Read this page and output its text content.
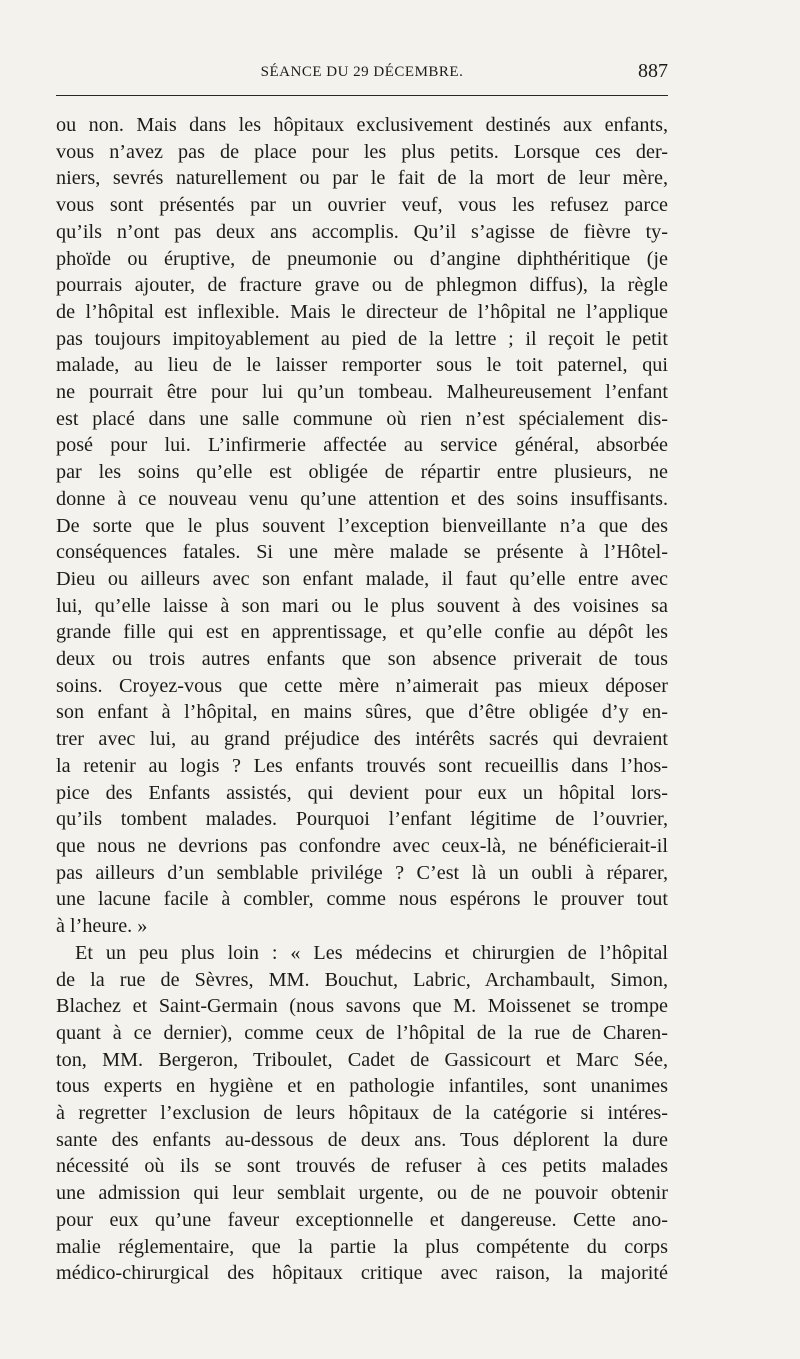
SÉANCE DU 29 DÉCEMBRE.	887
ou non. Mais dans les hôpitaux exclusivement destinés aux enfants,
vous n’avez pas de place pour les plus petits. Lorsque ces der-
niers, sevrés naturellement ou par le fait de la mort de leur mère,
vous sont présentés par un ouvrier veuf, vous les refusez parce
qu’ils n’ont pas deux ans accomplis. Qu’il s’agisse de fièvre ty-
phoïde ou éruptive, de pneumonie ou d’angine diphthéritique (je
pourrais ajouter, de fracture grave ou de phlegmon diffus), la règle
de l’hôpital est inflexible. Mais le directeur de l’hôpital ne l’applique
pas toujours impitoyablement au pied de la lettre ; il reçoit le petit
malade, au lieu de le laisser remporter sous le toit paternel, qui
ne pourrait être pour lui qu’un tombeau. Malheureusement l’enfant
est placé dans une salle commune où rien n’est spécialement dis-
posé pour lui. L’infirmerie affectée au service général, absorbée
par les soins qu’elle est obligée de répartir entre plusieurs, ne
donne à ce nouveau venu qu’une attention et des soins insuffisants.
De sorte que le plus souvent l’exception bienveillante n’a que des
conséquences fatales. Si une mère malade se présente à l’Hôtel-
Dieu ou ailleurs avec son enfant malade, il faut qu’elle entre avec
lui, qu’elle laisse à son mari ou le plus souvent à des voisines sa
grande fille qui est en apprentissage, et qu’elle confie au dépôt les
deux ou trois autres enfants que son absence priverait de tous
soins. Croyez-vous que cette mère n’aimerait pas mieux déposer
son enfant à l’hôpital, en mains sûres, que d’être obligée d’y en-
trer avec lui, au grand préjudice des intérêts sacrés qui devraient
la retenir au logis ? Les enfants trouvés sont recueillis dans l’hos-
pice des Enfants assistés, qui devient pour eux un hôpital lors-
qu’ils tombent malades. Pourquoi l’enfant légitime de l’ouvrier,
que nous ne devrions pas confondre avec ceux-là, ne bénéficierait-il
pas ailleurs d’un semblable privilége ? C’est là un oubli à réparer,
une lacune facile à combler, comme nous espérons le prouver tout
à l’heure. »
Et un peu plus loin : « Les médecins et chirurgien de l’hôpital
de la rue de Sèvres, MM. Bouchut, Labric, Archambault, Simon,
Blachez et Saint-Germain (nous savons que M. Moissenet se trompe
quant à ce dernier), comme ceux de l’hôpital de la rue de Charen-
ton, MM. Bergeron, Triboulet, Cadet de Gassicourt et Marc Sée,
tous experts en hygiène et en pathologie infantiles, sont unanimes
à regretter l’exclusion de leurs hôpitaux de la catégorie si intéres-
sante des enfants au-dessous de deux ans. Tous déplorent la dure
nécessité où ils se sont trouvés de refuser à ces petits malades
une admission qui leur semblait urgente, ou de ne pouvoir obtenir
pour eux qu’une faveur exceptionnelle et dangereuse. Cette ano-
malie réglementaire, que la partie la plus compétente du corps
médico-chirurgical des hôpitaux critique avec raison, la majorité
